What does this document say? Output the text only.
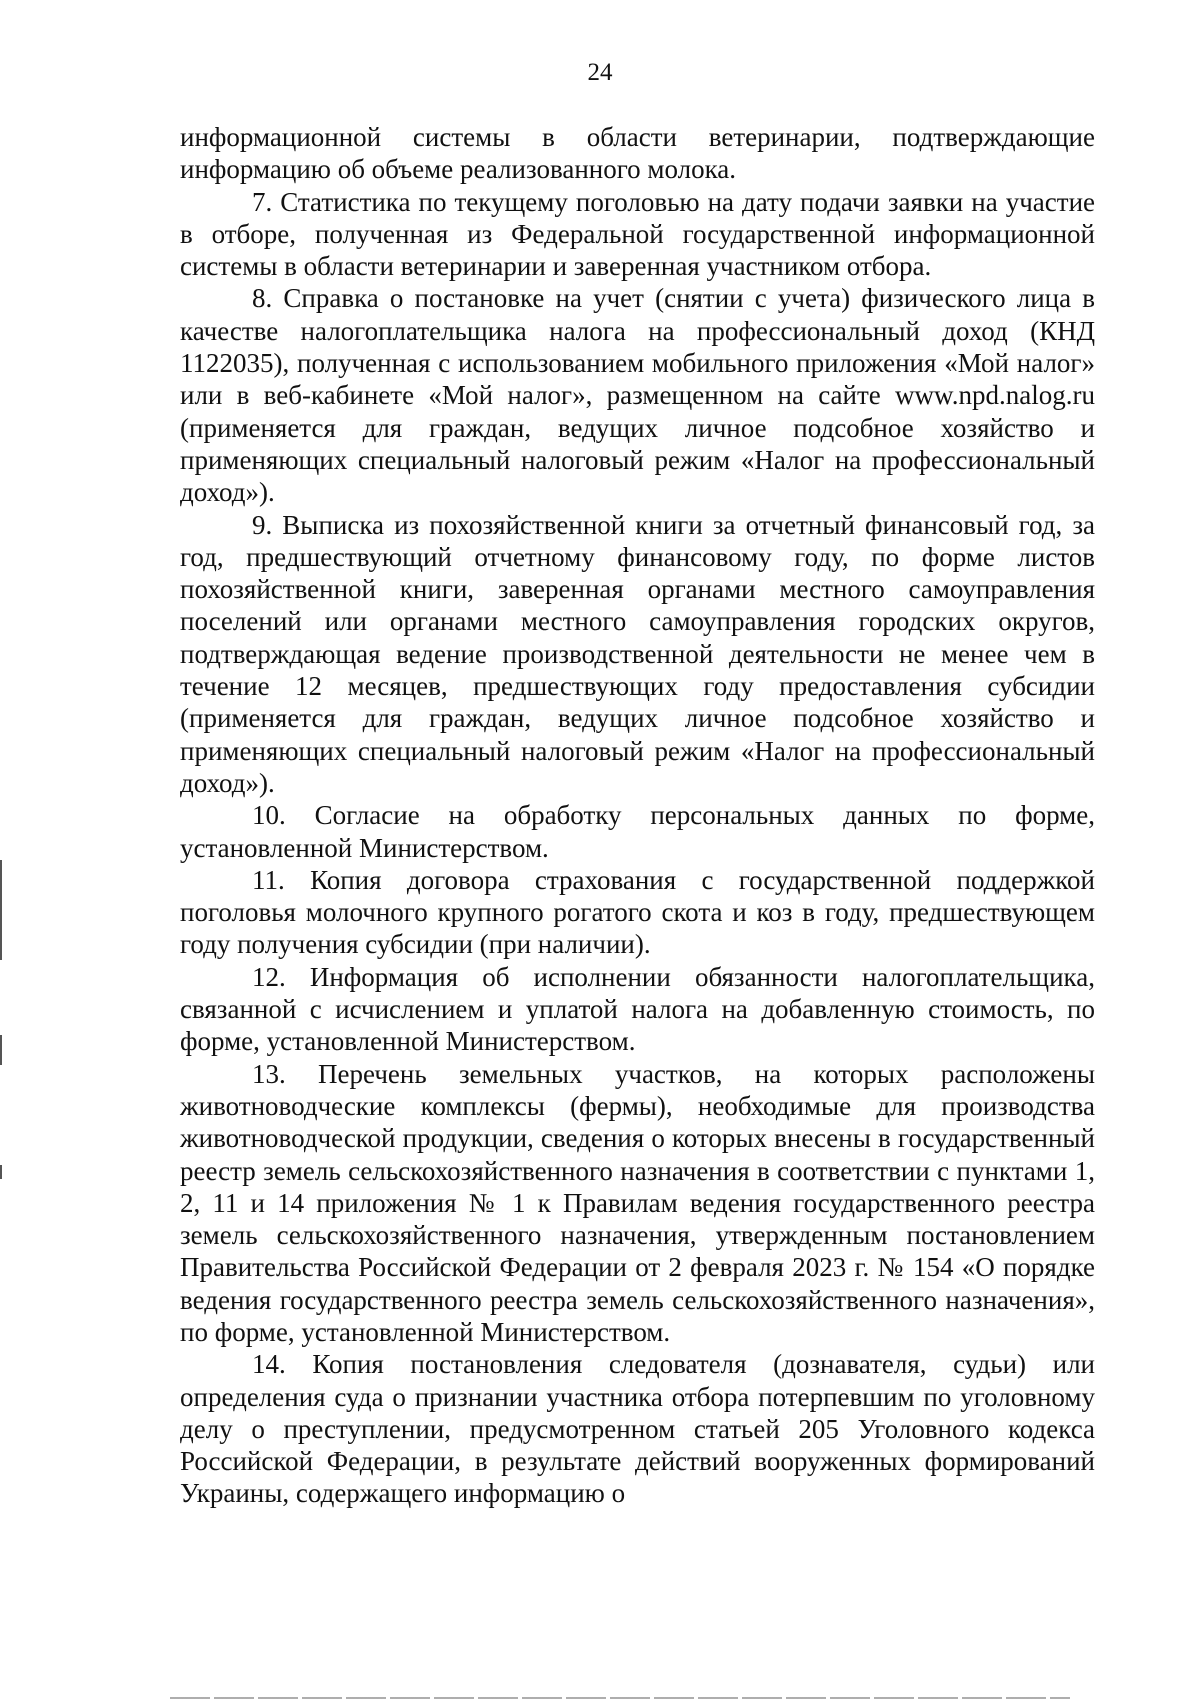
24

информационной системы в области ветеринарии, подтверждающие информацию об объеме реализованного молока.

7. Статистика по текущему поголовью на дату подачи заявки на участие в отборе, полученная из Федеральной государственной информационной системы в области ветеринарии и заверенная участником отбора.

8. Справка о постановке на учет (снятии с учета) физического лица в качестве налогоплательщика налога на профессиональный доход (КНД 1122035), полученная с использованием мобильного приложения «Мой налог» или в веб-кабинете «Мой налог», размещенном на сайте www.npd.nalog.ru (применяется для граждан, ведущих личное подсобное хозяйство и применяющих специальный налоговый режим «Налог на профессиональный доход»).

9. Выписка из похозяйственной книги за отчетный финансовый год, за год, предшествующий отчетному финансовому году, по форме листов похозяйственной книги, заверенная органами местного самоуправления поселений или органами местного самоуправления городских округов, подтверждающая ведение производственной деятельности не менее чем в течение 12 месяцев, предшествующих году предоставления субсидии (применяется для граждан, ведущих личное подсобное хозяйство и применяющих специальный налоговый режим «Налог на профессиональный доход»).

10. Согласие на обработку персональных данных по форме, установленной Министерством.

11. Копия договора страхования с государственной поддержкой поголовья молочного крупного рогатого скота и коз в году, предшествующем году получения субсидии (при наличии).

12. Информация об исполнении обязанности налогоплательщика, связанной с исчислением и уплатой налога на добавленную стоимость, по форме, установленной Министерством.

13. Перечень земельных участков, на которых расположены животноводческие комплексы (фермы), необходимые для производства животноводческой продукции, сведения о которых внесены в государственный реестр земель сельскохозяйственного назначения в соответствии с пунктами 1, 2, 11 и 14 приложения № 1 к Правилам ведения государственного реестра земель сельскохозяйственного назначения, утвержденным постановлением Правительства Российской Федерации от 2 февраля 2023 г. № 154 «О порядке ведения государственного реестра земель сельскохозяйственного назначения», по форме, установленной Министерством.

14. Копия постановления следователя (дознавателя, судьи) или определения суда о признании участника отбора потерпевшим по уголовному делу о преступлении, предусмотренном статьей 205 Уголовного кодекса Российской Федерации, в результате действий вооруженных формирований Украины, содержащего информацию о
